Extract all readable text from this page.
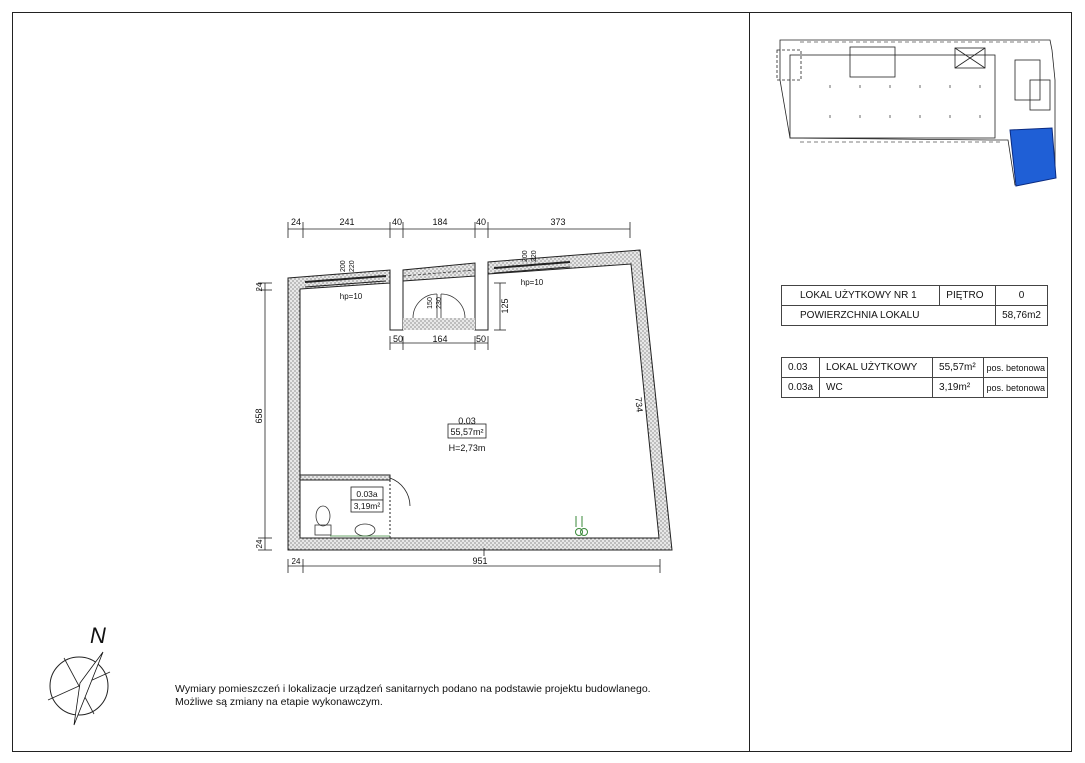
24	241	40	184	40	373
50	164	50
125
24
658
24
734
24	951
200 220
hp=10
200 220
hp=10
150 230
0.03
55,57m²
H=2,73m
0.03a
3,19m²
N
LOKAL UŻYTKOWY NR 1	PIĘTRO	0
POWIERZCHNIA LOKALU		58,76m2
0.03	LOKAL UŻYTKOWY	55,57m²	pos. betonowa
0.03a	WC	3,19m²	pos. betonowa
Wymiary pomieszczeń i lokalizacje urządzeń sanitarnych podano na podstawie projektu budowlanego.
Możliwe są zmiany na etapie wykonawczym.
